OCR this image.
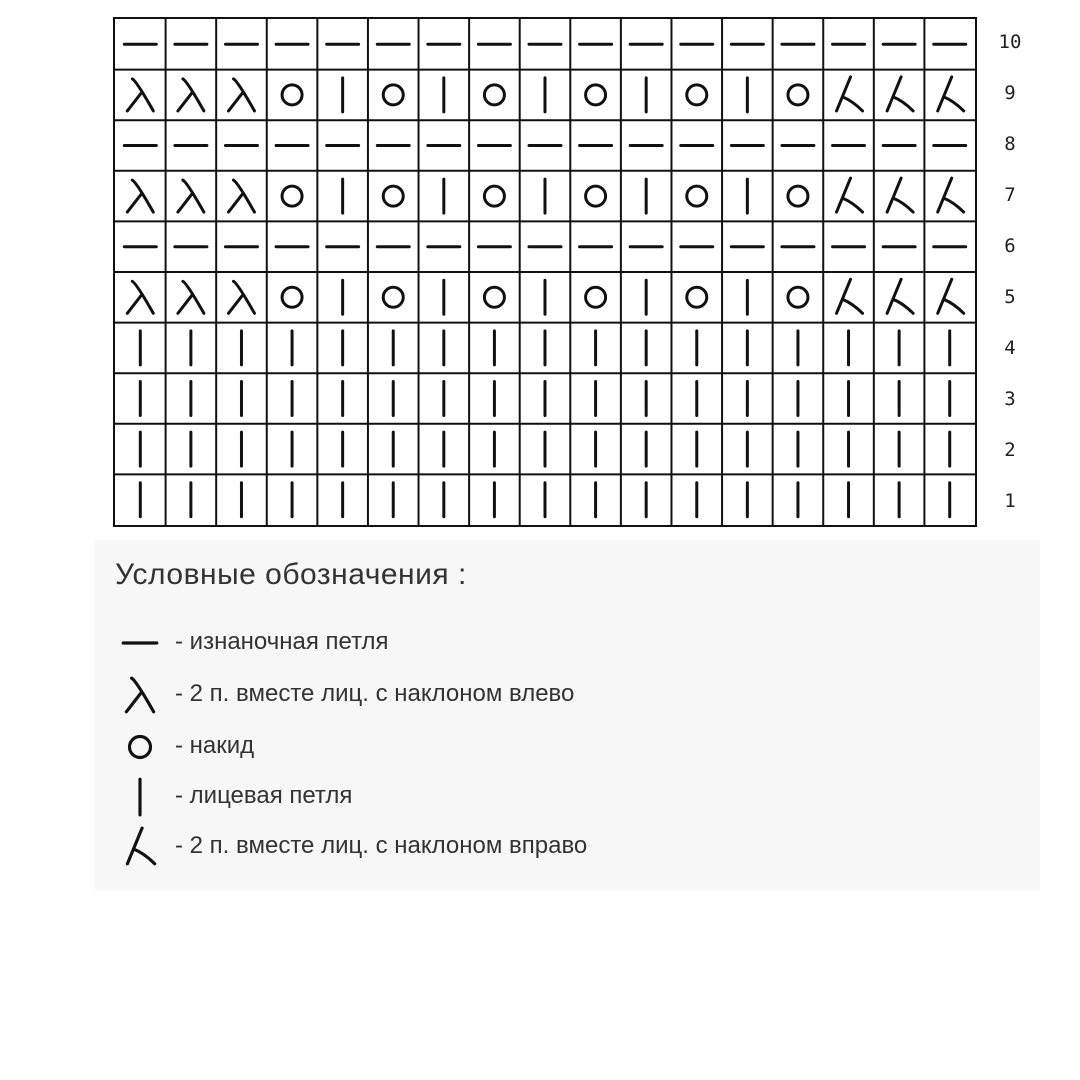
10
9
8
7
6
5
4
3
2
1
Условные обозначения :
- изнаночная петля
- 2 п. вместе лиц. с наклоном влево
- накид
- лицевая петля
- 2 п. вместе лиц. с наклоном вправо
